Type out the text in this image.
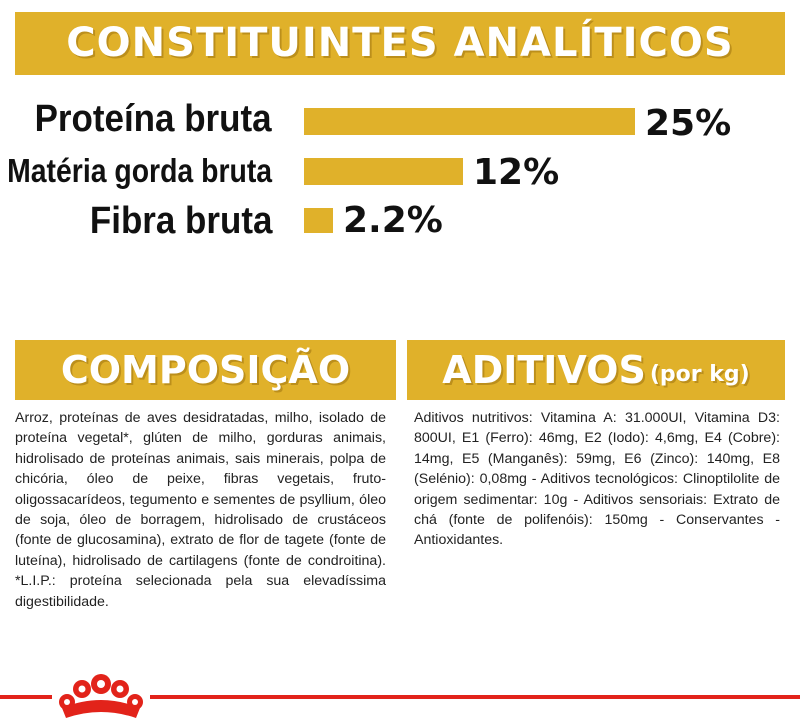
CONSTITUINTES ANALÍTICOS
Proteína bruta	25%
Matéria gorda bruta	12%
Fibra bruta 2.2%
COMPOSIÇÃO	ADITIVOS (por kg)
Arroz, proteínas de aves desidratadas, milho, isolado de proteína vegetal*, glúten de milho, gorduras animais, hidrolisado de proteínas animais, sais minerais, polpa de chicória, óleo de peixe, fibras vegetais, fruto-oligossacarídeos, tegumento e sementes de psyllium, óleo de soja, óleo de borragem, hidrolisado de crustáceos (fonte de glucosamina), extrato de flor de tagete (fonte de luteína), hidrolisado de cartilagens (fonte de condroitina). *L.I.P.: proteína selecionada pela sua elevadíssima digestibilidade.
Aditivos nutritivos: Vitamina A: 31.000UI, Vitamina D3: 800UI, E1 (Ferro): 46mg, E2 (Iodo): 4,6mg, E4 (Cobre): 14mg, E5 (Manganês): 59mg, E6 (Zinco): 140mg, E8 (Selénio): 0,08mg - Aditivos tecnológicos: Clinoptilolite de origem sedimentar: 10g - Aditivos sensoriais: Extrato de chá (fonte de polifenóis): 150mg - Conservantes - Antioxidantes.
